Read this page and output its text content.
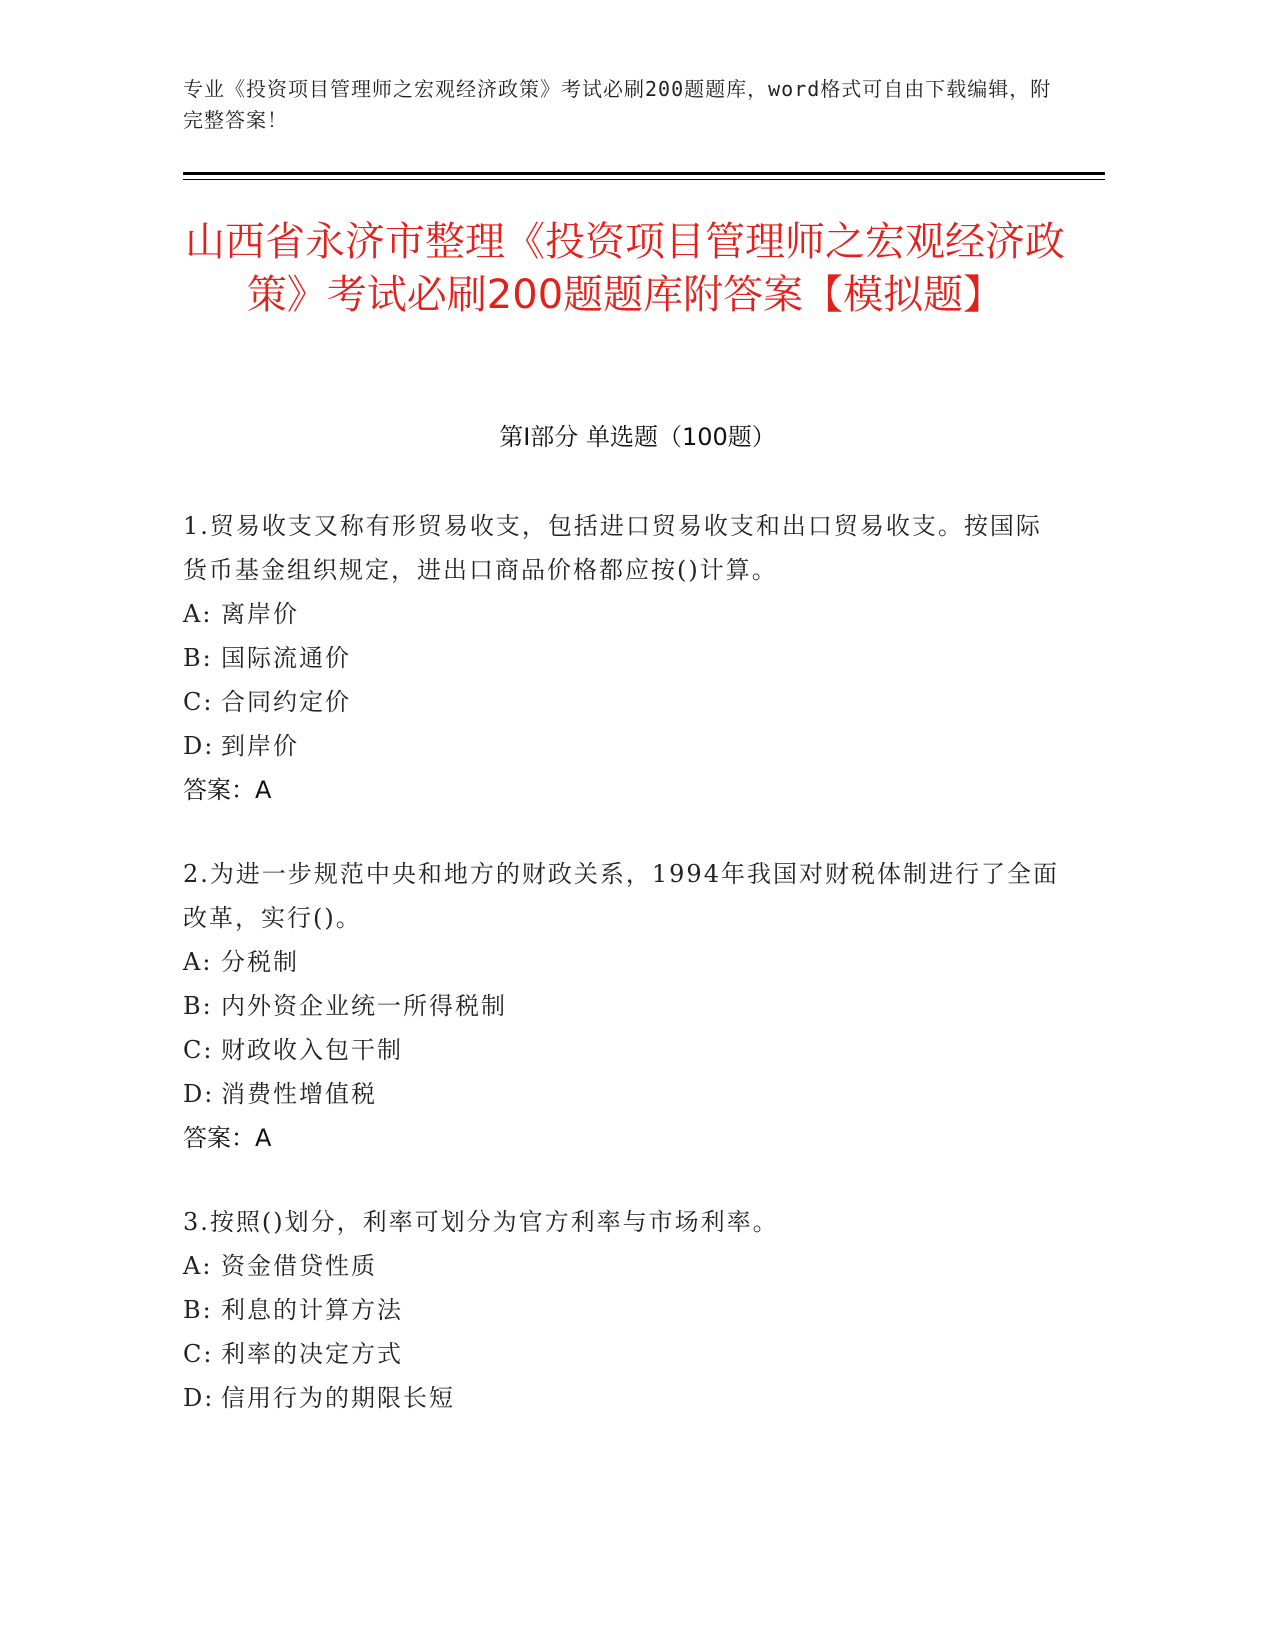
专业《投资项目管理师之宏观经济政策》考试必刷200题题库，word格式可自由下载编辑，附完整答案！
山西省永济市整理《投资项目管理师之宏观经济政策》考试必刷200题题库附答案【模拟题】
第Ⅰ部分 单选题（100题）
1.贸易收支又称有形贸易收支，包括进口贸易收支和出口贸易收支。按国际货币基金组织规定，进出口商品价格都应按()计算。
A: 离岸价
B: 国际流通价
C: 合同约定价
D: 到岸价
答案：A
2.为进一步规范中央和地方的财政关系，1994年我国对财税体制进行了全面改革，实行()。
A: 分税制
B: 内外资企业统一所得税制
C: 财政收入包干制
D: 消费性增值税
答案：A
3.按照()划分，利率可划分为官方利率与市场利率。
A: 资金借贷性质
B: 利息的计算方法
C: 利率的决定方式
D: 信用行为的期限长短
